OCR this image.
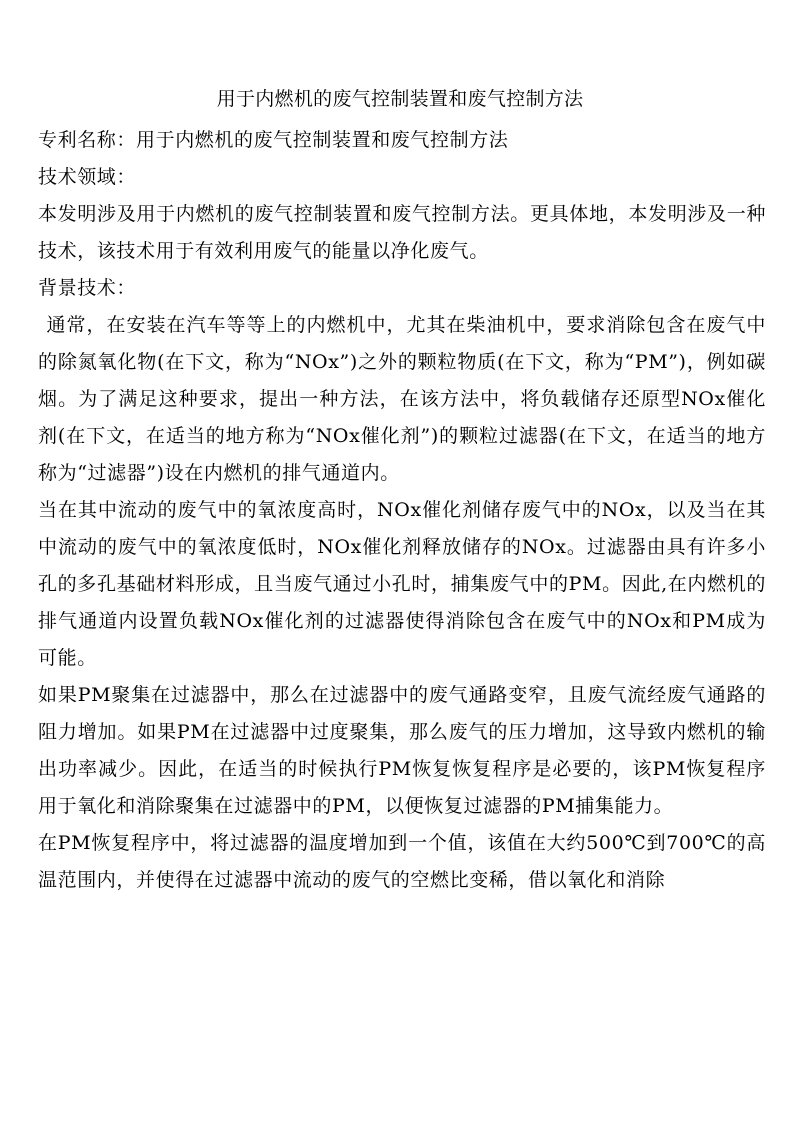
用于内燃机的废气控制装置和废气控制方法

专利名称：用于内燃机的废气控制装置和废气控制方法

技术领域：

本发明涉及用于内燃机的废气控制装置和废气控制方法。更具体地，本发明涉及一种技术，该技术用于有效利用废气的能量以净化废气。

背景技术：

通常，在安装在汽车等等上的内燃机中，尤其在柴油机中，要求消除包含在废气中的除氮氧化物(在下文，称为“NOx”)之外的颗粒物质(在下文，称为“PM”)，例如碳烟。为了满足这种要求，提出一种方法，在该方法中，将负载储存还原型NOx催化剂(在下文，在适当的地方称为“NOx催化剂”)的颗粒过滤器(在下文，在适当的地方称为“过滤器”)设在内燃机的排气通道内。

当在其中流动的废气中的氧浓度高时，NOx催化剂储存废气中的NOx，以及当在其中流动的废气中的氧浓度低时，NOx催化剂释放储存的NOx。过滤器由具有许多小孔的多孔基础材料形成，且当废气通过小孔时，捕集废气中的PM。因此,在内燃机的排气通道内设置负载NOx催化剂的过滤器使得消除包含在废气中的NOx和PM成为可能。

如果PM聚集在过滤器中，那么在过滤器中的废气通路变窄，且废气流经废气通路的阻力增加。如果PM在过滤器中过度聚集，那么废气的压力增加，这导致内燃机的输出功率减少。因此，在适当的时候执行PM恢复恢复程序是必要的，该PM恢复程序用于氧化和消除聚集在过滤器中的PM，以便恢复过滤器的PM捕集能力。

在PM恢复程序中，将过滤器的温度增加到一个值，该值在大约500℃到700℃的高温范围内，并使得在过滤器中流动的废气的空燃比变稀，借以氧化和消除
